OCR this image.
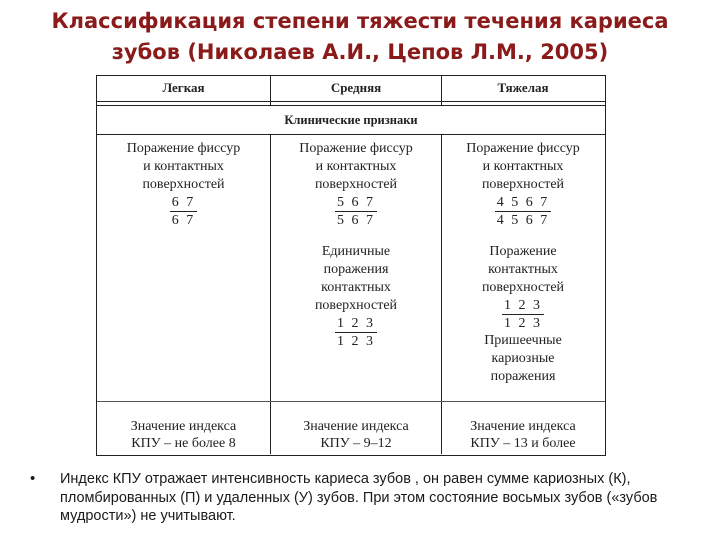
Классификация степени тяжести течения кариеса
зубов (Николаев А.И., Цепов Л.М., 2005)
Легкая	Средняя	Тяжелая
Клинические признаки
Поражение фиссур
и контактных
поверхностей
$\frac{6 7}{6 7}$
Поражение фиссур
и контактных
поверхностей
$\frac{5 6 7}{5 6 7}$
Единичные
поражения
контактных
поверхностей
$\frac{1 2 3}{1 2 3}$
Поражение фиссур
и контактных
поверхностей
$\frac{4 5 6 7}{4 5 6 7}$
Поражение
контактных
поверхностей
$\frac{1 2 3}{1 2 3}$
Пришеечные
кариозные
поражения
Значение индекса
КПУ – не более 8
Значение индекса
КПУ – 9–12
Значение индекса
КПУ – 13 и более
• Индекс КПУ отражает интенсивность кариеса зубов , он равен сумме кариозных (К), пломбированных (П) и удаленных (У) зубов. При этом состояние восьмых зубов («зубов мудрости») не учитывают.
